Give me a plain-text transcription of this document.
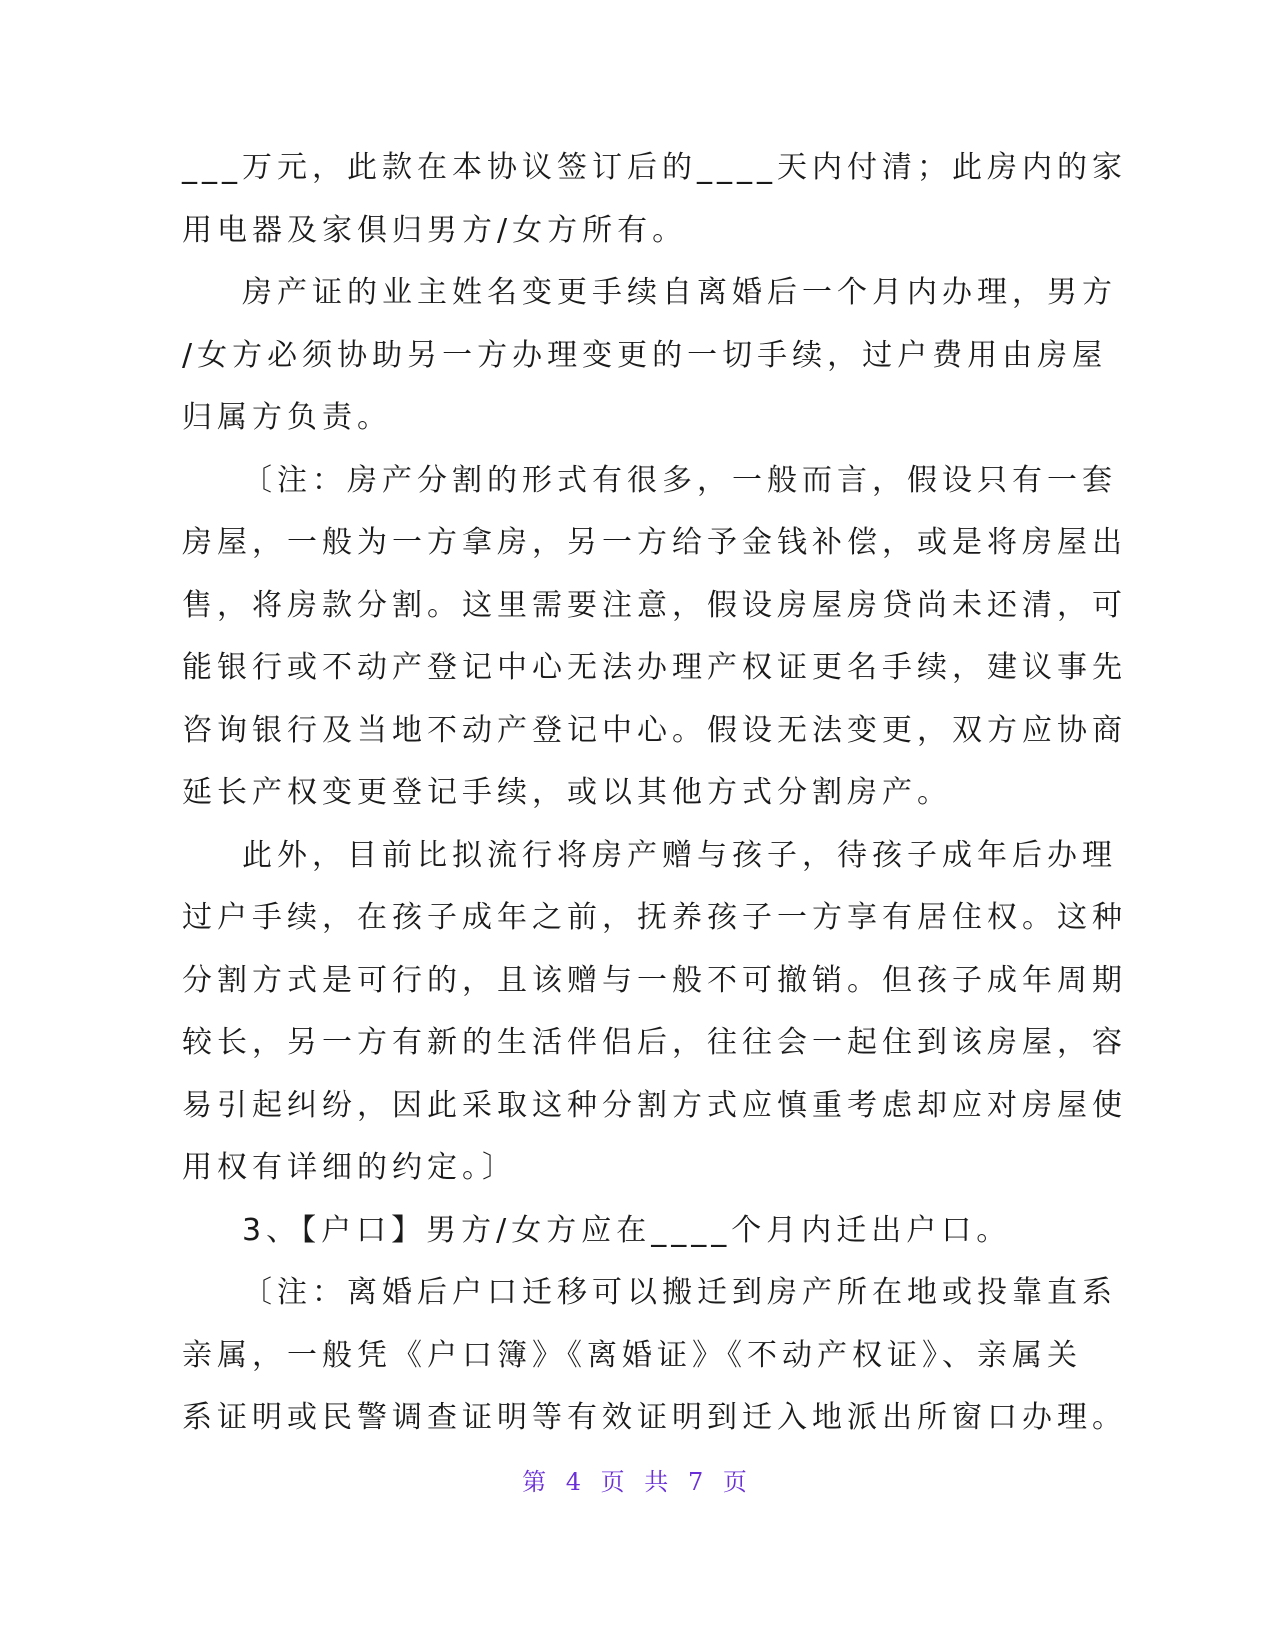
___万元，此款在本协议签订后的____天内付清；此房内的家
用电器及家俱归男方/女方所有。

房产证的业主姓名变更手续自离婚后一个月内办理，男方
/女方必须协助另一方办理变更的一切手续，过户费用由房屋
归属方负责。

〔注：房产分割的形式有很多，一般而言，假设只有一套
房屋，一般为一方拿房，另一方给予金钱补偿，或是将房屋出
售，将房款分割。这里需要注意，假设房屋房贷尚未还清，可
能银行或不动产登记中心无法办理产权证更名手续，建议事先
咨询银行及当地不动产登记中心。假设无法变更，双方应协商
延长产权变更登记手续，或以其他方式分割房产。

此外，目前比拟流行将房产赠与孩子，待孩子成年后办理
过户手续，在孩子成年之前，抚养孩子一方享有居住权。这种
分割方式是可行的，且该赠与一般不可撤销。但孩子成年周期
较长，另一方有新的生活伴侣后，往往会一起住到该房屋，容
易引起纠纷，因此采取这种分割方式应慎重考虑却应对房屋使
用权有详细的约定。〕

3、【户口】男方/女方应在____个月内迁出户口。

〔注：离婚后户口迁移可以搬迁到房产所在地或投靠直系
亲属，一般凭《户口簿》《离婚证》《不动产权证》、亲属关
系证明或民警调查证明等有效证明到迁入地派出所窗口办理。

第 4 页 共 7 页
